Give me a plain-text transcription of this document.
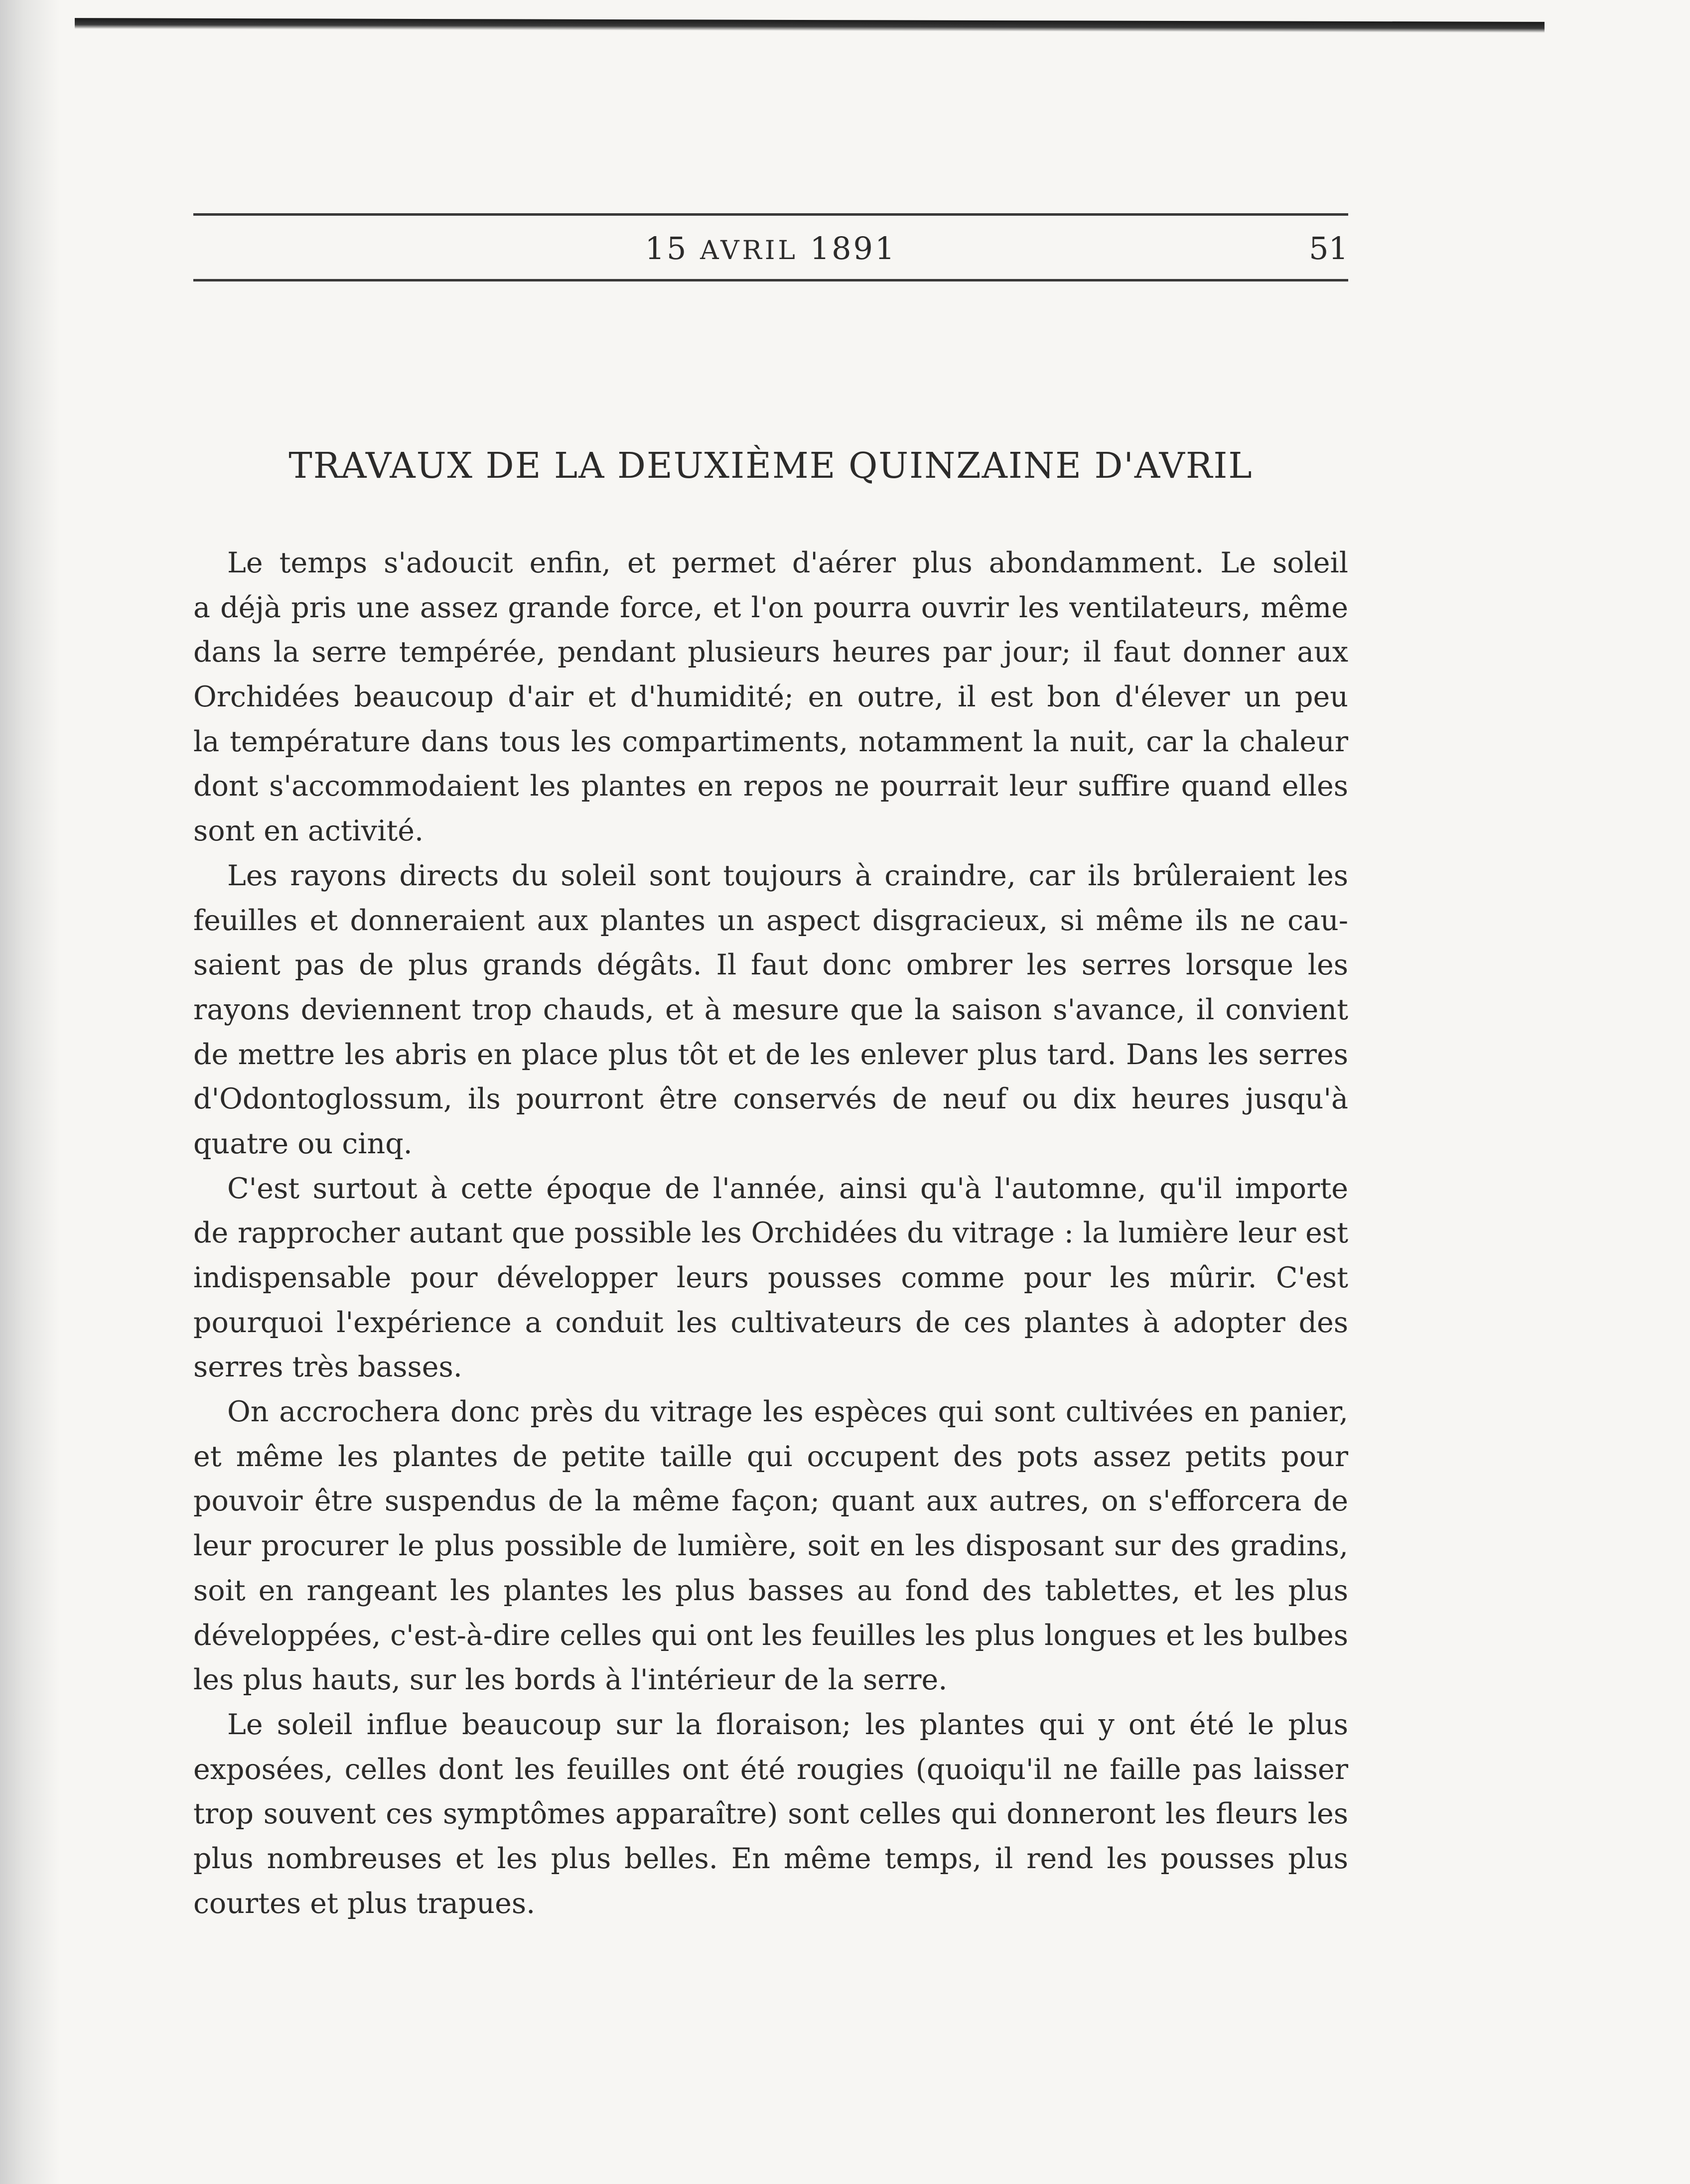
15 AVRIL 1891	51
TRAVAUX DE LA DEUXIÈME QUINZAINE D'AVRIL
Le temps s'adoucit enfin, et permet d'aérer plus abondamment. Le soleil
a déjà pris une assez grande force, et l'on pourra ouvrir les ventilateurs, même
dans la serre tempérée, pendant plusieurs heures par jour; il faut donner aux
Orchidées beaucoup d'air et d'humidité; en outre, il est bon d'élever un peu
la température dans tous les compartiments, notamment la nuit, car la chaleur
dont s'accommodaient les plantes en repos ne pourrait leur suffire quand elles
sont en activité.
Les rayons directs du soleil sont toujours à craindre, car ils brûleraient les
feuilles et donneraient aux plantes un aspect disgracieux, si même ils ne cau-
saient pas de plus grands dégâts. Il faut donc ombrer les serres lorsque les
rayons deviennent trop chauds, et à mesure que la saison s'avance, il convient
de mettre les abris en place plus tôt et de les enlever plus tard. Dans les serres
d'Odontoglossum, ils pourront être conservés de neuf ou dix heures jusqu'à
quatre ou cinq.
C'est surtout à cette époque de l'année, ainsi qu'à l'automne, qu'il importe
de rapprocher autant que possible les Orchidées du vitrage : la lumière leur est
indispensable pour développer leurs pousses comme pour les mûrir. C'est
pourquoi l'expérience a conduit les cultivateurs de ces plantes à adopter des
serres très basses.
On accrochera donc près du vitrage les espèces qui sont cultivées en panier,
et même les plantes de petite taille qui occupent des pots assez petits pour
pouvoir être suspendus de la même façon; quant aux autres, on s'efforcera de
leur procurer le plus possible de lumière, soit en les disposant sur des gradins,
soit en rangeant les plantes les plus basses au fond des tablettes, et les plus
développées, c'est-à-dire celles qui ont les feuilles les plus longues et les bulbes
les plus hauts, sur les bords à l'intérieur de la serre.
Le soleil influe beaucoup sur la floraison; les plantes qui y ont été le plus
exposées, celles dont les feuilles ont été rougies (quoiqu'il ne faille pas laisser
trop souvent ces symptômes apparaître) sont celles qui donneront les fleurs les
plus nombreuses et les plus belles. En même temps, il rend les pousses plus
courtes et plus trapues.
